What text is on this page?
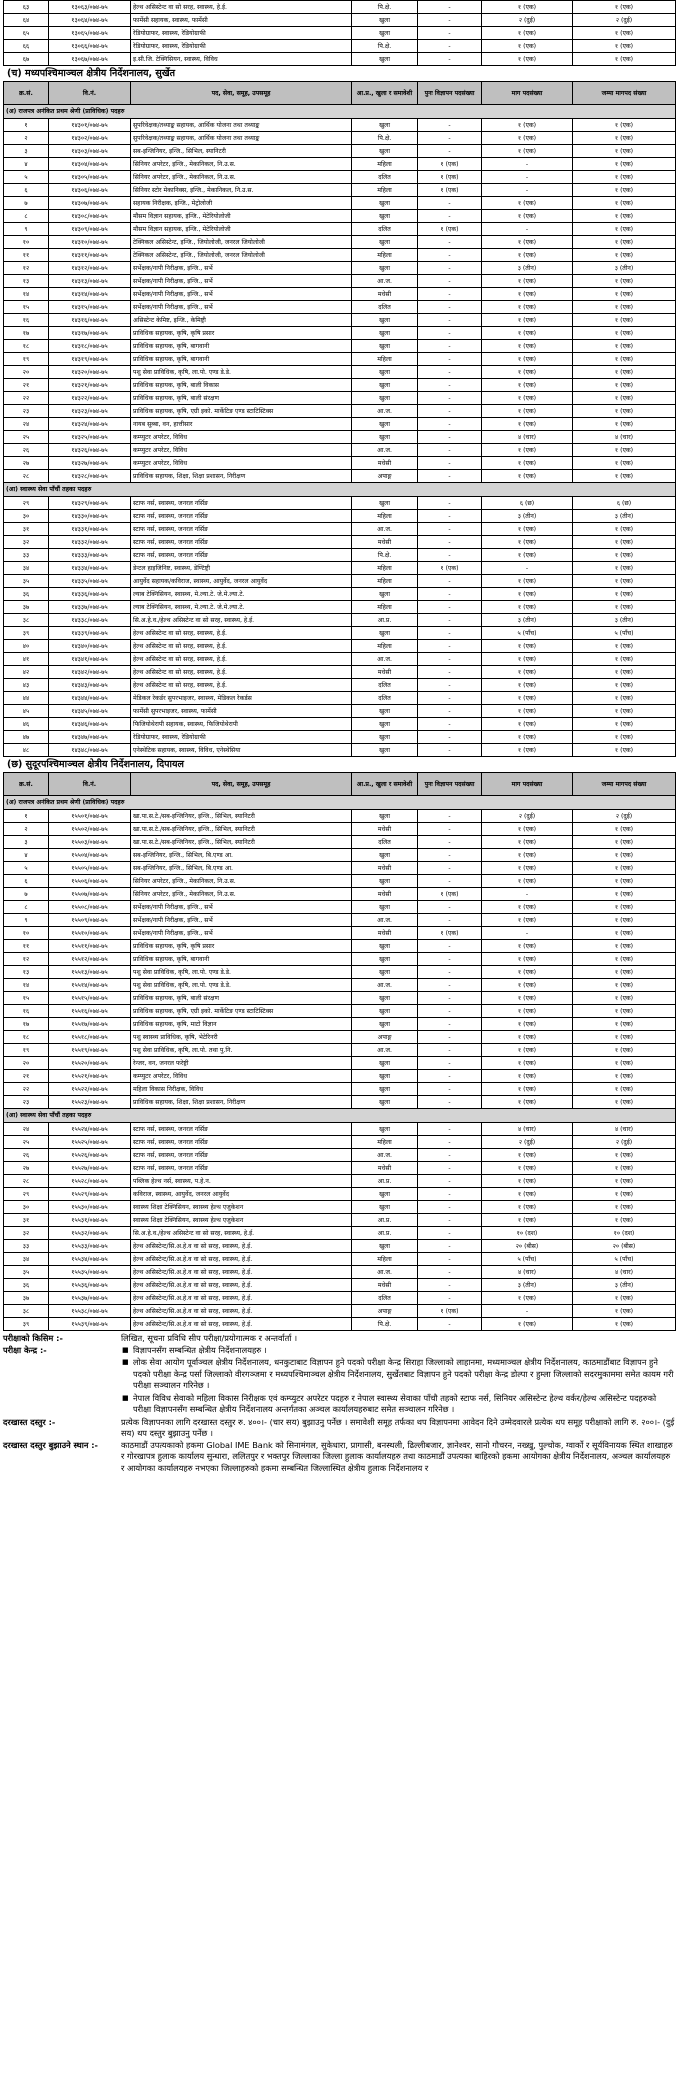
६३	१३०६३/०७४-७५	हेल्थ असिस्टेन्ट वा सो सरह, स्वास्थ्य, हे.ई.	पि.क्षे.	-	१ (एक)	१ (एक)
६४	१३०६४/०७४-७५	फार्मेसी सहायक, स्वास्थ्य, फार्मेसी	खुला	-	२ (दुई)	२ (दुई)
६५	१३०६५/०७४-७५	रेडियोग्राफर, स्वास्थ्य, रेडियोग्राफी	खुला	-	१ (एक)	१ (एक)
६६	१३०६६/०७४-७५	रेडियोग्राफर, स्वास्थ्य, रेडियोग्राफी	पि.क्षे.	-	१ (एक)	१ (एक)
६७	१३०६७/०७४-७५	इ.सी.जि. टेक्निसियन, स्वास्थ्य, विविध	खुला	-	१ (एक)	१ (एक)
(च) मध्यपश्चिमाञ्चल क्षेत्रीय निर्देशनालय, सुर्खेत
क्र.सं.	वि.नं.	पद, सेवा, समूह, उपसमूह	आ.प्र., खुला र समावेशी	पुनः विज्ञापन पदसंख्या	माग पदसंख्या	जम्मा मागपद संख्या
(अ) राजपत्र अनंकित प्रथम श्रेणी (प्राविधिक) पदहरु						
१	१४३०१/०७४-७५	सुपरिवेक्षक/तथ्याङ्क सहायक, आर्थिक योजना तथा तथ्याङ्क	खुला	-	१ (एक)	१ (एक)
२	१४३०२/०७४-७५	सुपरिवेक्षक/तथ्याङ्क सहायक, आर्थिक योजना तथा तथ्याङ्क	पि.क्षे.	-	१ (एक)	१ (एक)
३	१४३०३/०७४-७५	सब-इन्जिनियर, इन्जि., सिभिल, स्यानिटरी	खुला	-	१ (एक)	१ (एक)
४	१४३०४/०७४-७५	सिनियर अपरेटर, इन्जि., मेकानिकल, नि.उ.स.	महिला	१ (एक)	-	१ (एक)
५	१४३०५/०७४-७५	सिनियर अपरेटर, इन्जि., मेकानिकल, नि.उ.स.	दलित	१ (एक)	-	१ (एक)
६	१४३०६/०७४-७५	सिनियर स्टोर मेकानिक्स, इन्जि., मेकानिकल, नि.उ.स.	महिला	१ (एक)	-	१ (एक)
७	१४३०७/०७४-७५	सहायक निरीक्षक, इन्जि., मेट्रोलोजी	खुला	-	१ (एक)	१ (एक)
८	१४३०८/०७४-७५	मौसम विज्ञान सहायक, इन्जि., मेटेरियोलोजी	खुला	-	१ (एक)	१ (एक)
९	१४३०९/०७४-७५	मौसम विज्ञान सहायक, इन्जि., मेटेरियोलोजी	दलित	१ (एक)	-	१ (एक)
१०	१४३१०/०७४-७५	टेक्निकल असिस्टेन्ट, इन्जि., जियोलोजी, जनरल जियोलोजी	खुला	-	१ (एक)	१ (एक)
११	१४३११/०७४-७५	टेक्निकल असिस्टेन्ट, इन्जि., जियोलोजी, जनरल जियोलोजी	महिला	-	१ (एक)	१ (एक)
१२	१४३१२/०७४-७५	सर्भेक्षक/नापी निरीक्षक, इन्जि., सर्भे	खुला	-	३ (तीन)	३ (तीन)
१३	१४३१३/०७४-७५	सर्भेक्षक/नापी निरीक्षक, इन्जि., सर्भे	आ.ज.	-	१ (एक)	१ (एक)
१४	१४३१४/०७४-७५	सर्भेक्षक/नापी निरीक्षक, इन्जि., सर्भे	मधेसी	-	१ (एक)	१ (एक)
१५	१४३१५/०७४-७५	सर्भेक्षक/नापी निरीक्षक, इन्जि., सर्भे	दलित	-	१ (एक)	१ (एक)
१६	१४३१६/०७४-७५	असिस्टेन्ट केमिष्ट, इन्जि., केमिष्ट्री	खुला	-	१ (एक)	१ (एक)
१७	१४३१७/०७४-७५	प्राविधिक सहायक, कृषि, कृषि प्रसार	खुला	-	१ (एक)	१ (एक)
१८	१४३१८/०७४-७५	प्राविधिक सहायक, कृषि, बागवानी	खुला	-	१ (एक)	१ (एक)
१९	१४३१९/०७४-७५	प्राविधिक सहायक, कृषि, बागवानी	महिला	-	१ (एक)	१ (एक)
२०	१४३२०/०७४-७५	पशु सेवा प्राविधिक, कृषि, ला.पो. एण्ड डे.डे.	खुला	-	१ (एक)	१ (एक)
२१	१४३२१/०७४-७५	प्राविधिक सहायक, कृषि, बाली विकास	खुला	-	१ (एक)	१ (एक)
२२	१४३२२/०७४-७५	प्राविधिक सहायक, कृषि, बाली संरक्षण	खुला	-	१ (एक)	१ (एक)
२३	१४३२३/०७४-७५	प्राविधिक सहायक, कृषि, एग्री इको. मार्केटिङ एण्ड स्टाटिस्टिक्स	आ.ज.	-	१ (एक)	१ (एक)
२४	१४३२४/०७४-७५	नायब सुब्बा, वन, हात्तीसार	खुला	-	१ (एक)	१ (एक)
२५	१४३२५/०७४-७५	कम्प्युटर अपरेटर, विविध	खुला	-	४ (चार)	४ (चार)
२६	१४३२६/०७४-७५	कम्प्युटर अपरेटर, विविध	आ.ज.	-	१ (एक)	१ (एक)
२७	१४३२७/०७४-७५	कम्प्युटर अपरेटर, विविध	मधेसी	-	१ (एक)	१ (एक)
२८	१४३२८/०७४-७५	प्राविधिक सहायक, शिक्षा, शिक्षा प्रशासन, निरीक्षण	अपाङ्ग	-	१ (एक)	१ (एक)
(आ) स्वास्थ्य सेवा पाँचौं तहका पदहरु						
२९	१४३२९/०७४-७५	स्टाफ नर्स, स्वास्थ्य, जनरल नर्सिङ	खुला	-	६ (छ)	६ (छ)
३०	१४३३०/०७४-७५	स्टाफ नर्स, स्वास्थ्य, जनरल नर्सिङ	महिला	-	३ (तीन)	३ (तीन)
३१	१४३३१/०७४-७५	स्टाफ नर्स, स्वास्थ्य, जनरल नर्सिङ	आ.ज.	-	१ (एक)	१ (एक)
३२	१४३३२/०७४-७५	स्टाफ नर्स, स्वास्थ्य, जनरल नर्सिङ	मधेसी	-	१ (एक)	१ (एक)
३३	१४३३३/०७४-७५	स्टाफ नर्स, स्वास्थ्य, जनरल नर्सिङ	पि.क्षे.	-	१ (एक)	१ (एक)
३४	१४३३४/०७४-७५	डेन्टल हाइजिनिष्ट, स्वास्थ्य, डेण्टिष्ट्री	महिला	१ (एक)	-	१ (एक)
३५	१४३३५/०७४-७५	आयुर्वेद सहायक/कविराज, स्वास्थ्य, आयुर्वेद, जनरल आयुर्वेद	महिला	-	१ (एक)	१ (एक)
३६	१४३३६/०७४-७५	ल्याब टेक्निसियन, स्वास्थ्य, मे.ल्या.टे. जे.मे.ल्या.टे.	खुला	-	१ (एक)	१ (एक)
३७	१४३३७/०७४-७५	ल्याब टेक्निसियन, स्वास्थ्य, मे.ल्या.टे. जे.मे.ल्या.टे.	महिला	-	१ (एक)	१ (एक)
३८	१४३३८/०७४-७५	सि.अ.हे.व./हेल्थ असिस्टेन्ट वा सो सरह, स्वास्थ्य, हे.ई.	आ.प्र.	-	३ (तीन)	३ (तीन)
३९	१४३३९/०७४-७५	हेल्थ असिस्टेन्ट वा सो सरह, स्वास्थ्य, हे.ई.	खुला	-	५ (पाँच)	५ (पाँच)
४०	१४३४०/०७४-७५	हेल्थ असिस्टेन्ट वा सो सरह, स्वास्थ्य, हे.ई.	महिला	-	१ (एक)	१ (एक)
४१	१४३४१/०७४-७५	हेल्थ असिस्टेन्ट वा सो सरह, स्वास्थ्य, हे.ई.	आ.ज.	-	१ (एक)	१ (एक)
४२	१४३४२/०७४-७५	हेल्थ असिस्टेन्ट वा सो सरह, स्वास्थ्य, हे.ई.	मधेसी	-	१ (एक)	१ (एक)
४३	१४३४३/०७४-७५	हेल्थ असिस्टेन्ट वा सो सरह, स्वास्थ्य, हे.ई.	दलित	-	१ (एक)	१ (एक)
४४	१४३४४/०७४-७५	मेडिकल रेकर्डर सुपरभाइजर, स्वास्थ्य, मेडिकल रेकर्डस	दलित	-	१ (एक)	१ (एक)
४५	१४३४५/०७४-७५	फार्मेसी सुपरभाइजर, स्वास्थ्य, फार्मेसी	खुला	-	१ (एक)	१ (एक)
४६	१४३४६/०७४-७५	फिजियोथेरापी सहायक, स्वास्थ्य, फिजियोथेरापी	खुला	-	१ (एक)	१ (एक)
४७	१४३४७/०७४-७५	रेडियोग्राफर, स्वास्थ्य, रेडियोग्राफी	खुला	-	१ (एक)	१ (एक)
४८	१४३४८/०७४-७५	एनेस्थेटिक सहायक, स्वास्थ्य, विविध, एनेस्थेसिया	खुला	-	१ (एक)	१ (एक)
(छ) सुदूरपश्चिमाञ्चल क्षेत्रीय निर्देशनालय, दिपायल
क्र.सं.	वि.नं.	पद, सेवा, समूह, उपसमूह	आ.प्र., खुला र समावेशी	पुनः विज्ञापन पदसंख्या	माग पदसंख्या	जम्मा मागपद संख्या
(अ) राजपत्र अनंकित प्रथम श्रेणी (प्राविधिक) पदहरु						
१	१५५०१/०७४-७५	खा.पा.स.टे./सब-इन्जिनियर, इन्जि., सिभिल, स्यानिटरी	खुला	-	२ (दुई)	२ (दुई)
२	१५५०२/०७४-७५	खा.पा.स.टे./सब-इन्जिनियर, इन्जि., सिभिल, स्यानिटरी	मधेसी	-	१ (एक)	१ (एक)
३	१५५०३/०७४-७५	खा.पा.स.टे./सब-इन्जिनियर, इन्जि., सिभिल, स्यानिटरी	दलित	-	१ (एक)	१ (एक)
४	१५५०४/०७४-७५	सब-इन्जिनियर, इन्जि., सिभिल, बि.एण्ड आ.	खुला	-	१ (एक)	१ (एक)
५	१५५०५/०७४-७५	सब-इन्जिनियर, इन्जि., सिभिल, बि.एण्ड आ.	मधेसी	-	१ (एक)	१ (एक)
६	१५५०६/०७४-७५	सिनियर अपरेटर, इन्जि., मेकानिकल, नि.उ.स.	खुला	-	१ (एक)	१ (एक)
७	१५५०७/०७४-७५	सिनियर अपरेटर, इन्जि., मेकानिकल, नि.उ.स.	मधेसी	१ (एक)	-	१ (एक)
८	१५५०८/०७४-७५	सर्भेक्षक/नापी निरीक्षक, इन्जि., सर्भे	खुला	-	१ (एक)	१ (एक)
९	१५५०९/०७४-७५	सर्भेक्षक/नापी निरीक्षक, इन्जि., सर्भे	आ.ज.	-	१ (एक)	१ (एक)
१०	१५५१०/०७४-७५	सर्भेक्षक/नापी निरीक्षक, इन्जि., सर्भे	मधेसी	१ (एक)	-	१ (एक)
११	१५५११/०७४-७५	प्राविधिक सहायक, कृषि, कृषि प्रसार	खुला	-	१ (एक)	१ (एक)
१२	१५५१२/०७४-७५	प्राविधिक सहायक, कृषि, बागवानी	खुला	-	१ (एक)	१ (एक)
१३	१५५१३/०७४-७५	पशु सेवा प्राविधिक, कृषि, ला.पो. एण्ड डे.डे.	खुला	-	१ (एक)	१ (एक)
१४	१५५१४/०७४-७५	पशु सेवा प्राविधिक, कृषि, ला.पो. एण्ड डे.डे.	आ.ज.	-	१ (एक)	१ (एक)
१५	१५५१५/०७४-७५	प्राविधिक सहायक, कृषि, बाली संरक्षण	खुला	-	१ (एक)	१ (एक)
१६	१५५१६/०७४-७५	प्राविधिक सहायक, कृषि, एग्री इको. मार्केटिङ एण्ड स्टाटिस्टिक्स	खुला	-	१ (एक)	१ (एक)
१७	१५५१७/०७४-७५	प्राविधिक सहायक, कृषि, माटो विज्ञान	खुला	-	१ (एक)	१ (एक)
१८	१५५१८/०७४-७५	पशु स्वास्थ्य प्राविधिक, कृषि, भेटेरिनरी	अपाङ्ग	-	१ (एक)	१ (एक)
१९	१५५१९/०७४-७५	पशु सेवा प्राविधिक, कृषि, ला.पो. तथा पु.नि.	आ.ज.	-	१ (एक)	१ (एक)
२०	१५५२०/०७४-७५	रेन्जर, वन, जनरल फरेष्ट्री	खुला	-	१ (एक)	१ (एक)
२१	१५५२१/०७४-७५	कम्प्युटर अपरेटर, विविध	खुला	-	१ (एक)	१ (एक)
२२	१५५२२/०७४-७५	महिला विकास निरीक्षक, विविध	खुला	-	१ (एक)	१ (एक)
२३	१५५२३/०७४-७५	प्राविधिक सहायक, शिक्षा, शिक्षा प्रशासन, निरीक्षण	खुला	-	१ (एक)	१ (एक)
(आ) स्वास्थ्य सेवा पाँचौं तहका पदहरु						
२४	१५५२४/०७४-७५	स्टाफ नर्स, स्वास्थ्य, जनरल नर्सिङ	खुला	-	४ (चार)	४ (चार)
२५	१५५२५/०७४-७५	स्टाफ नर्स, स्वास्थ्य, जनरल नर्सिङ	महिला	-	२ (दुई)	२ (दुई)
२६	१५५२६/०७४-७५	स्टाफ नर्स, स्वास्थ्य, जनरल नर्सिङ	आ.ज.	-	१ (एक)	१ (एक)
२७	१५५२७/०७४-७५	स्टाफ नर्स, स्वास्थ्य, जनरल नर्सिङ	मधेसी	-	१ (एक)	१ (एक)
२८	१५५२८/०७४-७५	पब्लिक हेल्थ नर्स, स्वास्थ्य, प.हे.न.	आ.प्र.	-	१ (एक)	१ (एक)
२९	१५५२९/०७४-७५	कविराज, स्वास्थ्य, आयुर्वेद, जनरल आयुर्वेद	खुला	-	१ (एक)	१ (एक)
३०	१५५३०/०७४-७५	स्वास्थ्य शिक्षा टेक्निसियन, स्वास्थ्य हेल्थ एजुकेशन	खुला	-	१ (एक)	१ (एक)
३१	१५५३१/०७४-७५	स्वास्थ्य शिक्षा टेक्निसियन, स्वास्थ्य हेल्थ एजुकेशन	आ.प्र.	-	१ (एक)	१ (एक)
३२	१५५३२/०७४-७५	सि.अ.हे.व./हेल्थ असिस्टेन्ट वा सो सरह, स्वास्थ्य, हे.ई.	आ.प्र.	-	१० (दश)	१० (दश)
३३	१५५३३/०७४-७५	हेल्थ असिस्टेन्ट/सि.अ.हे.व वा सो सरह, स्वास्थ्य, हे.ई.	खुला	-	२० (बीस)	२० (बीस)
३४	१५५३४/०७४-७५	हेल्थ असिस्टेन्ट/सि.अ.हे.व वा सो सरह, स्वास्थ्य, हे.ई.	महिला	-	५ (पाँच)	५ (पाँच)
३५	१५५३५/०७४-७५	हेल्थ असिस्टेन्ट/सि.अ.हे.व वा सो सरह, स्वास्थ्य, हे.ई.	आ.ज.	-	४ (चार)	४ (चार)
३६	१५५३६/०७४-७५	हेल्थ असिस्टेन्ट/सि.अ.हे.व वा सो सरह, स्वास्थ्य, हे.ई.	मधेसी	-	३ (तीन)	३ (तीन)
३७	१५५३७/०७४-७५	हेल्थ असिस्टेन्ट/सि.अ.हे.व वा सो सरह, स्वास्थ्य, हे.ई.	दलित	-	१ (एक)	१ (एक)
३८	१५५३८/०७४-७५	हेल्थ असिस्टेन्ट/सि.अ.हे.व वा सो सरह, स्वास्थ्य, हे.ई.	अपाङ्ग	१ (एक)	-	१ (एक)
३९	१५५३९/०७४-७५	हेल्थ असिस्टेन्ट/सि.अ.हे.व वा सो सरह, स्वास्थ्य, हे.ई.	पि.क्षे.	-	१ (एक)	१ (एक)
परीक्षाको किसिम :-	लिखित, सूचना प्रविधि सीप परीक्षा/प्रयोगात्मक र अन्तर्वार्ता ।
परीक्षा केन्द्र :-	■ विज्ञापनसँग सम्बन्धित क्षेत्रीय निर्देशनालयहरु ।
■ लोक सेवा आयोग पूर्वाञ्चल क्षेत्रीय निर्देशनालय, धनकुटाबाट विज्ञापन हुने पदको परीक्षा केन्द्र सिराहा जिल्लाको लाहानमा, मध्यमाञ्चल क्षेत्रीय निर्देशनालय, काठमाडौंबाट विज्ञापन हुने पदको परीक्षा केन्द्र पर्सा जिल्लाको वीरगञ्जमा र मध्यपश्चिमाञ्चल क्षेत्रीय निर्देशनालय, सुर्खेतबाट विज्ञापन हुने पदको परीक्षा केन्द्र डोल्पा र हुम्ला जिल्लाको सदरमुकाममा समेत कायम गरी परीक्षा सञ्चालन गरिनेछ ।
■ नेपाल विविध सेवाको महिला विकास निरीक्षक एवं कम्प्युटर अपरेटर पदहरु र नेपाल स्वास्थ्य सेवाका पाँचौ तहको स्टाफ नर्स, सिनियर असिस्टेन्ट हेल्थ वर्कर/हेल्थ असिस्टेन्ट पदहरुको परीक्षा विज्ञापनसँग सम्बन्धित क्षेत्रीय निर्देशनालय अन्तर्गतका अञ्चल कार्यालयहरुबाट समेत सञ्चालन गरिनेछ ।
दरखास्त दस्तुर :-	प्रत्येक विज्ञापनका लागि दरखास्त दस्तुर रु. ४००।- (चार सय) बुझाउनु पर्नेछ । समावेशी समूह तर्फका थप विज्ञापनमा आवेदन दिने उम्मेदवारले प्रत्येक थप समूह परीक्षाको लागि रु. २००।- (दुई सय) थप दस्तुर बुझाउनु पर्नेछ ।
दरखास्त दस्तुर बुझाउने स्थान :-	काठमाडौं उपत्यकाको हकमा Global IME Bank को सिनामंगल, सुकेधारा, प्रागासी, बनस्थली, ढिल्लीबजार, ज्ञानेश्वर, सानो गौचरन, नख्खु, पुल्चोक, ग्वार्को र सूर्यविनायक स्थित शाखाहरु र गोरखापत्र हुलाक कार्यालय सुन्धारा, ललितपुर र भक्तपुर जिल्लाका जिल्ला हुलाक कार्यालयहरु तथा काठमाडौं उपत्यका बाहिरको हकमा आयोगका क्षेत्रीय निर्देशनालय, अञ्चल कार्यालयहरु र आयोगका कार्यालयहरु नभएका जिल्लाहरुको हकमा सम्बन्धित जिल्लास्थित क्षेत्रीय हुलाक निर्देशनालय र
